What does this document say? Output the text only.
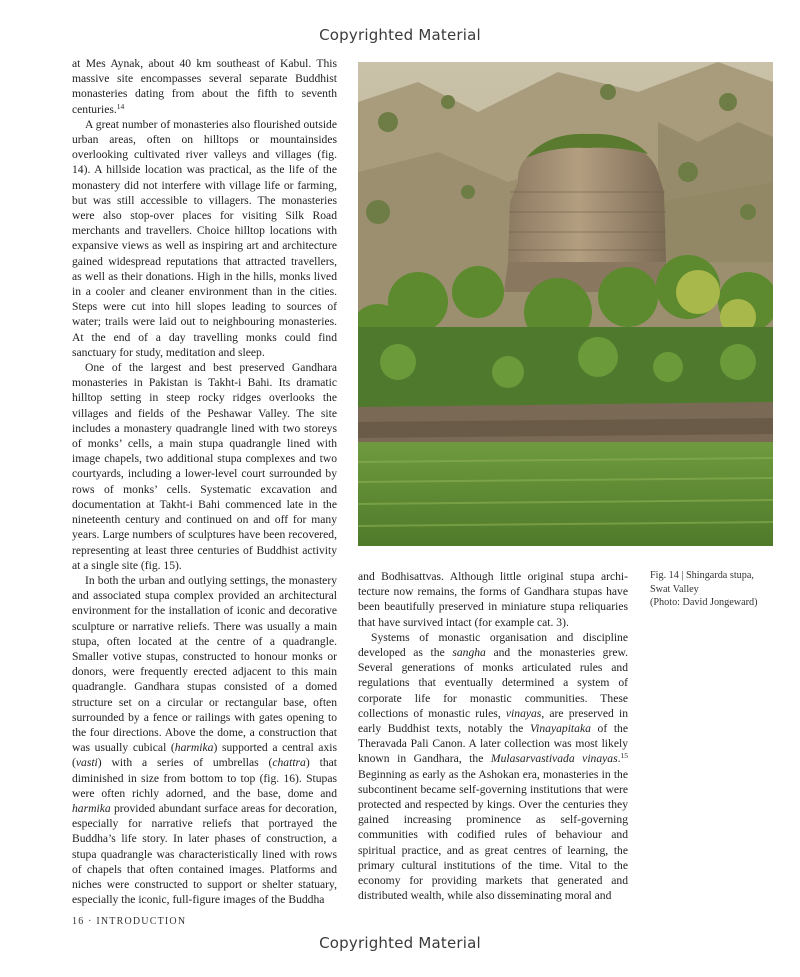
Copyrighted Material

at Mes Aynak, about 40 km southeast of Kabul. This massive site encompasses several separate Buddhist monasteries dating from about the fifth to seventh centuries.$^{14}$

A great number of monasteries also flourished outside urban areas, often on hilltops or mountainsides overlooking cultivated river valleys and villages (fig. 14). A hillside location was practical, as the life of the monastery did not interfere with village life or farming, but was still accessible to villagers. The monasteries were also stop-over places for visiting Silk Road merchants and travellers. Choice hilltop locations with expansive views as well as inspiring art and architecture gained widespread reputations that attracted travellers, as well as their donations. High in the hills, monks lived in a cooler and cleaner environment than in the cities. Steps were cut into hill slopes leading to sources of water; trails were laid out to neighbouring monasteries. At the end of a day travelling monks could find sanctuary for study, meditation and sleep.

One of the largest and best preserved Gandhara monasteries in Pakistan is Takht-i Bahi. Its dramatic hilltop setting in steep rocky ridges overlooks the villages and fields of the Peshawar Valley. The site includes a monastery quadrangle lined with two storeys of monks’ cells, a main stupa quadrangle lined with image chapels, two additional stupa complexes and two courtyards, including a lower-level court surrounded by rows of monks’ cells. Systematic excavation and documentation at Takht-i Bahi commenced late in the nineteenth century and continued on and off for many years. Large numbers of sculptures have been recovered, representing at least three centuries of Buddhist activity at a single site (fig. 15).

In both the urban and outlying settings, the monastery and associated stupa complex provided an architectural environment for the installation of iconic and decorative sculpture or narrative reliefs. There was usually a main stupa, often located at the centre of a quadrangle. Smaller votive stupas, constructed to honour monks or donors, were frequently erected adjacent to this main quadrangle. Gandhara stupas consisted of a domed structure set on a circular or rectangular base, often surrounded by a fence or railings with gates opening to the four directions. Above the dome, a construction that was usually cubical (harmika) supported a central axis (vasti) with a series of umbrellas (chattra) that diminished in size from bottom to top (fig. 16). Stupas were often richly adorned, and the base, dome and harmika provided abundant surface areas for decoration, especially for narrative reliefs that portrayed the Buddha’s life story. In later phases of construction, a stupa quadrangle was characteristically lined with rows of chapels that often contained images. Platforms and niches were constructed to support or shelter statuary, especially the iconic, full-figure images of the Buddha

and Bodhisattvas. Although little original stupa architecture now remains, the forms of Gandhara stupas have been beautifully preserved in miniature stupa reliquaries that have survived intact (for example cat. 3).

Systems of monastic organisation and discipline developed as the sangha and the monasteries grew. Several generations of monks articulated rules and regulations that eventually determined a system of corporate life for monastic communities. These collections of monastic rules, vinayas, are preserved in early Buddhist texts, notably the Vinayapitaka of the Theravada Pali Canon. A later collection was most likely known in Gandhara, the Mulasarvastivada vinayas.$^{15}$ Beginning as early as the Ashokan era, monasteries in the subcontinent became self-governing institutions that were protected and respected by kings. Over the centuries they gained increasing prominence as self-governing communities with codified rules of behaviour and spiritual practice, and as great centres of learning, the primary cultural institutions of the time. Vital to the economy for providing markets that generated and distributed wealth, while also disseminating moral and

Fig. 14 | Shingarda stupa,
Swat Valley
(Photo: David Jongeward)
16 · INTRODUCTION
Copyrighted Material
